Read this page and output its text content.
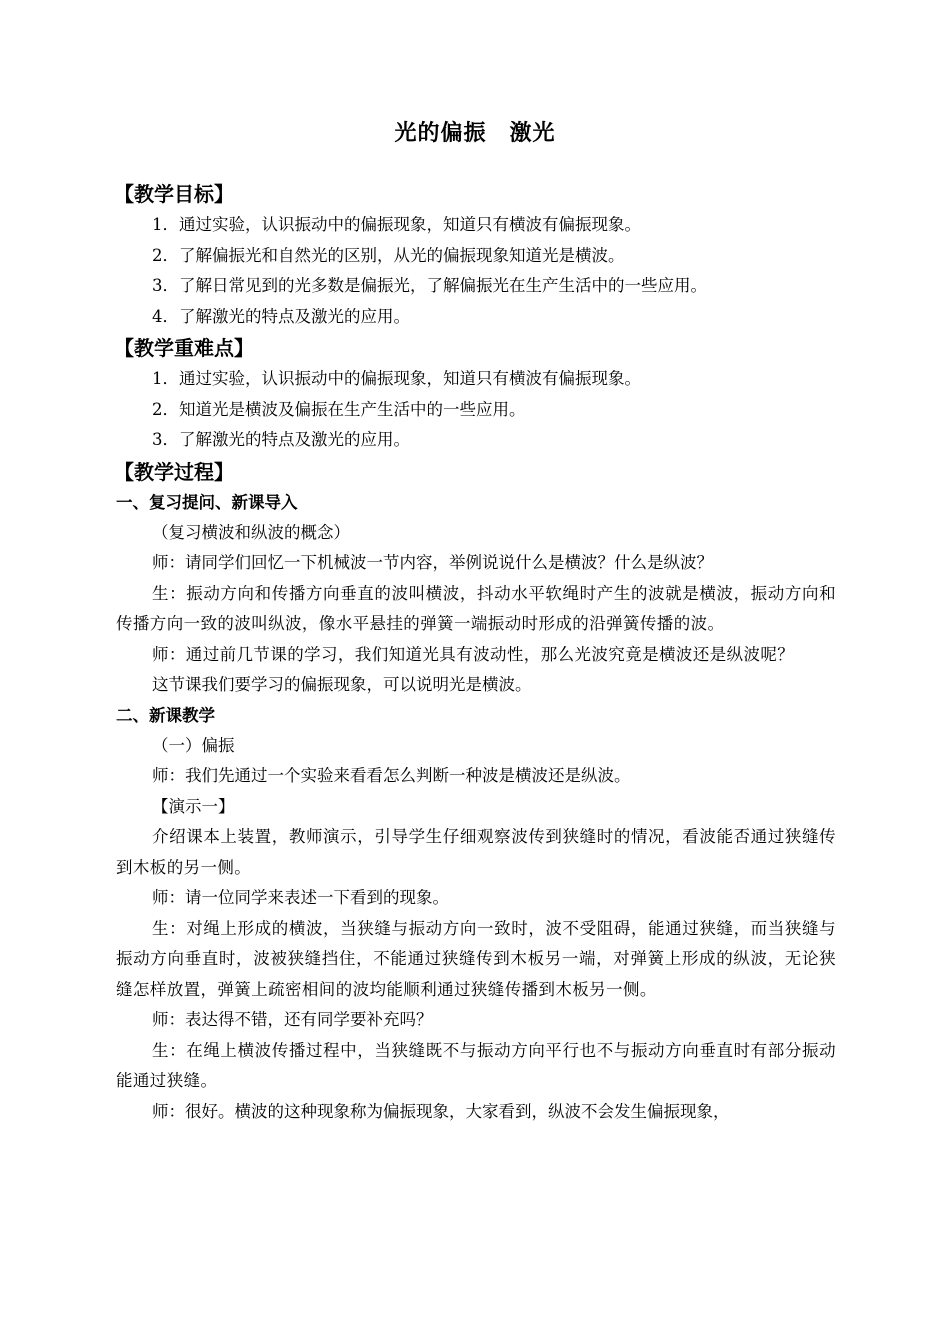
光的偏振　激光
【教学目标】
1．通过实验，认识振动中的偏振现象，知道只有横波有偏振现象。
2．了解偏振光和自然光的区别，从光的偏振现象知道光是横波。
3．了解日常见到的光多数是偏振光，了解偏振光在生产生活中的一些应用。
4．了解激光的特点及激光的应用。
【教学重难点】
1．通过实验，认识振动中的偏振现象，知道只有横波有偏振现象。
2．知道光是横波及偏振在生产生活中的一些应用。
3．了解激光的特点及激光的应用。
【教学过程】
一、复习提问、新课导入
（复习横波和纵波的概念）
师：请同学们回忆一下机械波一节内容，举例说说什么是横波？什么是纵波？
生：振动方向和传播方向垂直的波叫横波，抖动水平软绳时产生的波就是横波，振动方向和传播方向一致的波叫纵波，像水平悬挂的弹簧一端振动时形成的沿弹簧传播的波。
师：通过前几节课的学习，我们知道光具有波动性，那么光波究竟是横波还是纵波呢？
这节课我们要学习的偏振现象，可以说明光是横波。
二、新课教学
（一）偏振
师：我们先通过一个实验来看看怎么判断一种波是横波还是纵波。
【演示一】
介绍课本上装置，教师演示，引导学生仔细观察波传到狭缝时的情况，看波能否通过狭缝传到木板的另一侧。
师：请一位同学来表述一下看到的现象。
生：对绳上形成的横波，当狭缝与振动方向一致时，波不受阻碍，能通过狭缝，而当狭缝与振动方向垂直时，波被狭缝挡住，不能通过狭缝传到木板另一端，对弹簧上形成的纵波，无论狭缝怎样放置，弹簧上疏密相间的波均能顺利通过狭缝传播到木板另一侧。
师：表达得不错，还有同学要补充吗？
生：在绳上横波传播过程中，当狭缝既不与振动方向平行也不与振动方向垂直时有部分振动能通过狭缝。
师：很好。横波的这种现象称为偏振现象，大家看到，纵波不会发生偏振现象，
